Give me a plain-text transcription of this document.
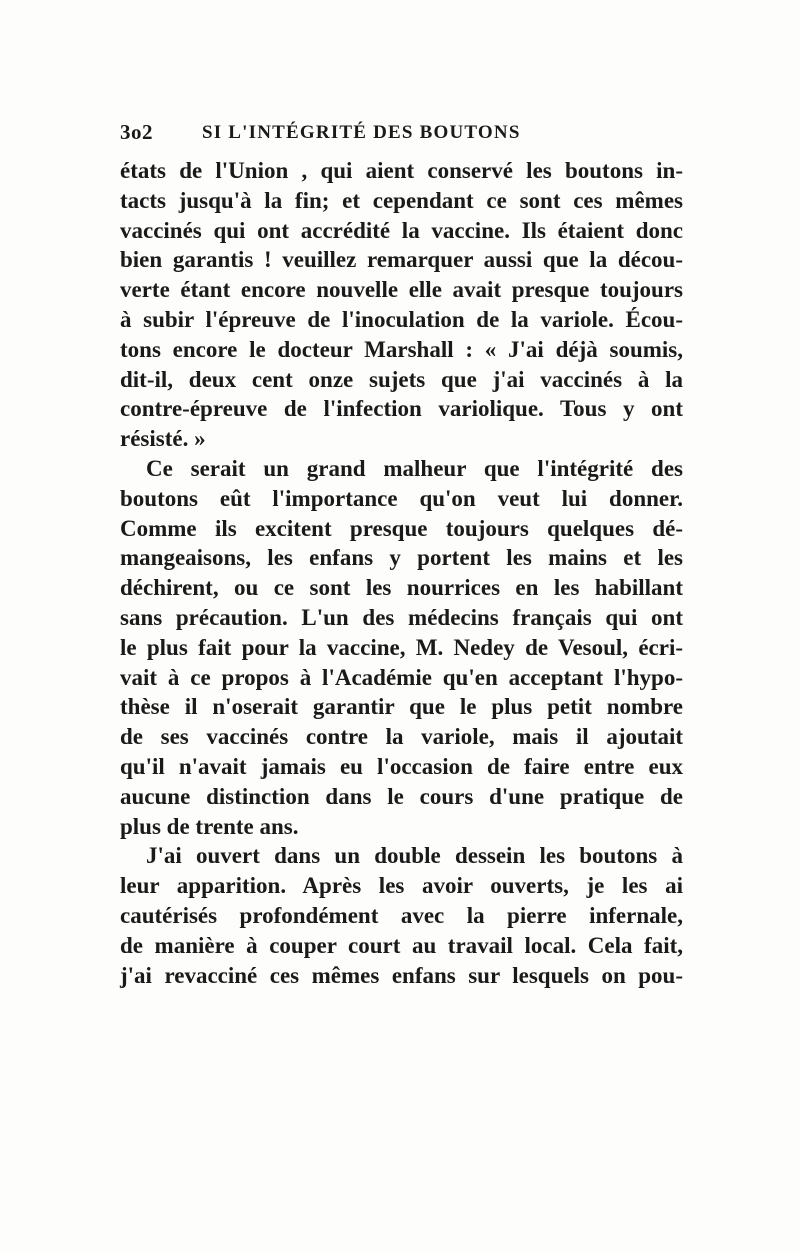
3o2	SI L'INTÉGRITÉ DES BOUTONS
états de l'Union , qui aient conservé les boutons in-
tacts jusqu'à la fin; et cependant ce sont ces mêmes
vaccinés qui ont accrédité la vaccine. Ils étaient donc
bien garantis ! veuillez remarquer aussi que la décou-
verte étant encore nouvelle elle avait presque toujours
à subir l'épreuve de l'inoculation de la variole. Écou-
tons encore le docteur Marshall : « J'ai déjà soumis,
dit-il, deux cent onze sujets que j'ai vaccinés à la
contre-épreuve de l'infection variolique. Tous y ont
résisté. »
Ce serait un grand malheur que l'intégrité des
boutons eût l'importance qu'on veut lui donner.
Comme ils excitent presque toujours quelques dé-
mangeaisons, les enfans y portent les mains et les
déchirent, ou ce sont les nourrices en les habillant
sans précaution. L'un des médecins français qui ont
le plus fait pour la vaccine, M. Nedey de Vesoul, écri-
vait à ce propos à l'Académie qu'en acceptant l'hypo-
thèse il n'oserait garantir que le plus petit nombre
de ses vaccinés contre la variole, mais il ajoutait
qu'il n'avait jamais eu l'occasion de faire entre eux
aucune distinction dans le cours d'une pratique de
plus de trente ans.
J'ai ouvert dans un double dessein les boutons à
leur apparition. Après les avoir ouverts, je les ai
cautérisés profondément avec la pierre infernale,
de manière à couper court au travail local. Cela fait,
j'ai revacciné ces mêmes enfans sur lesquels on pou-
